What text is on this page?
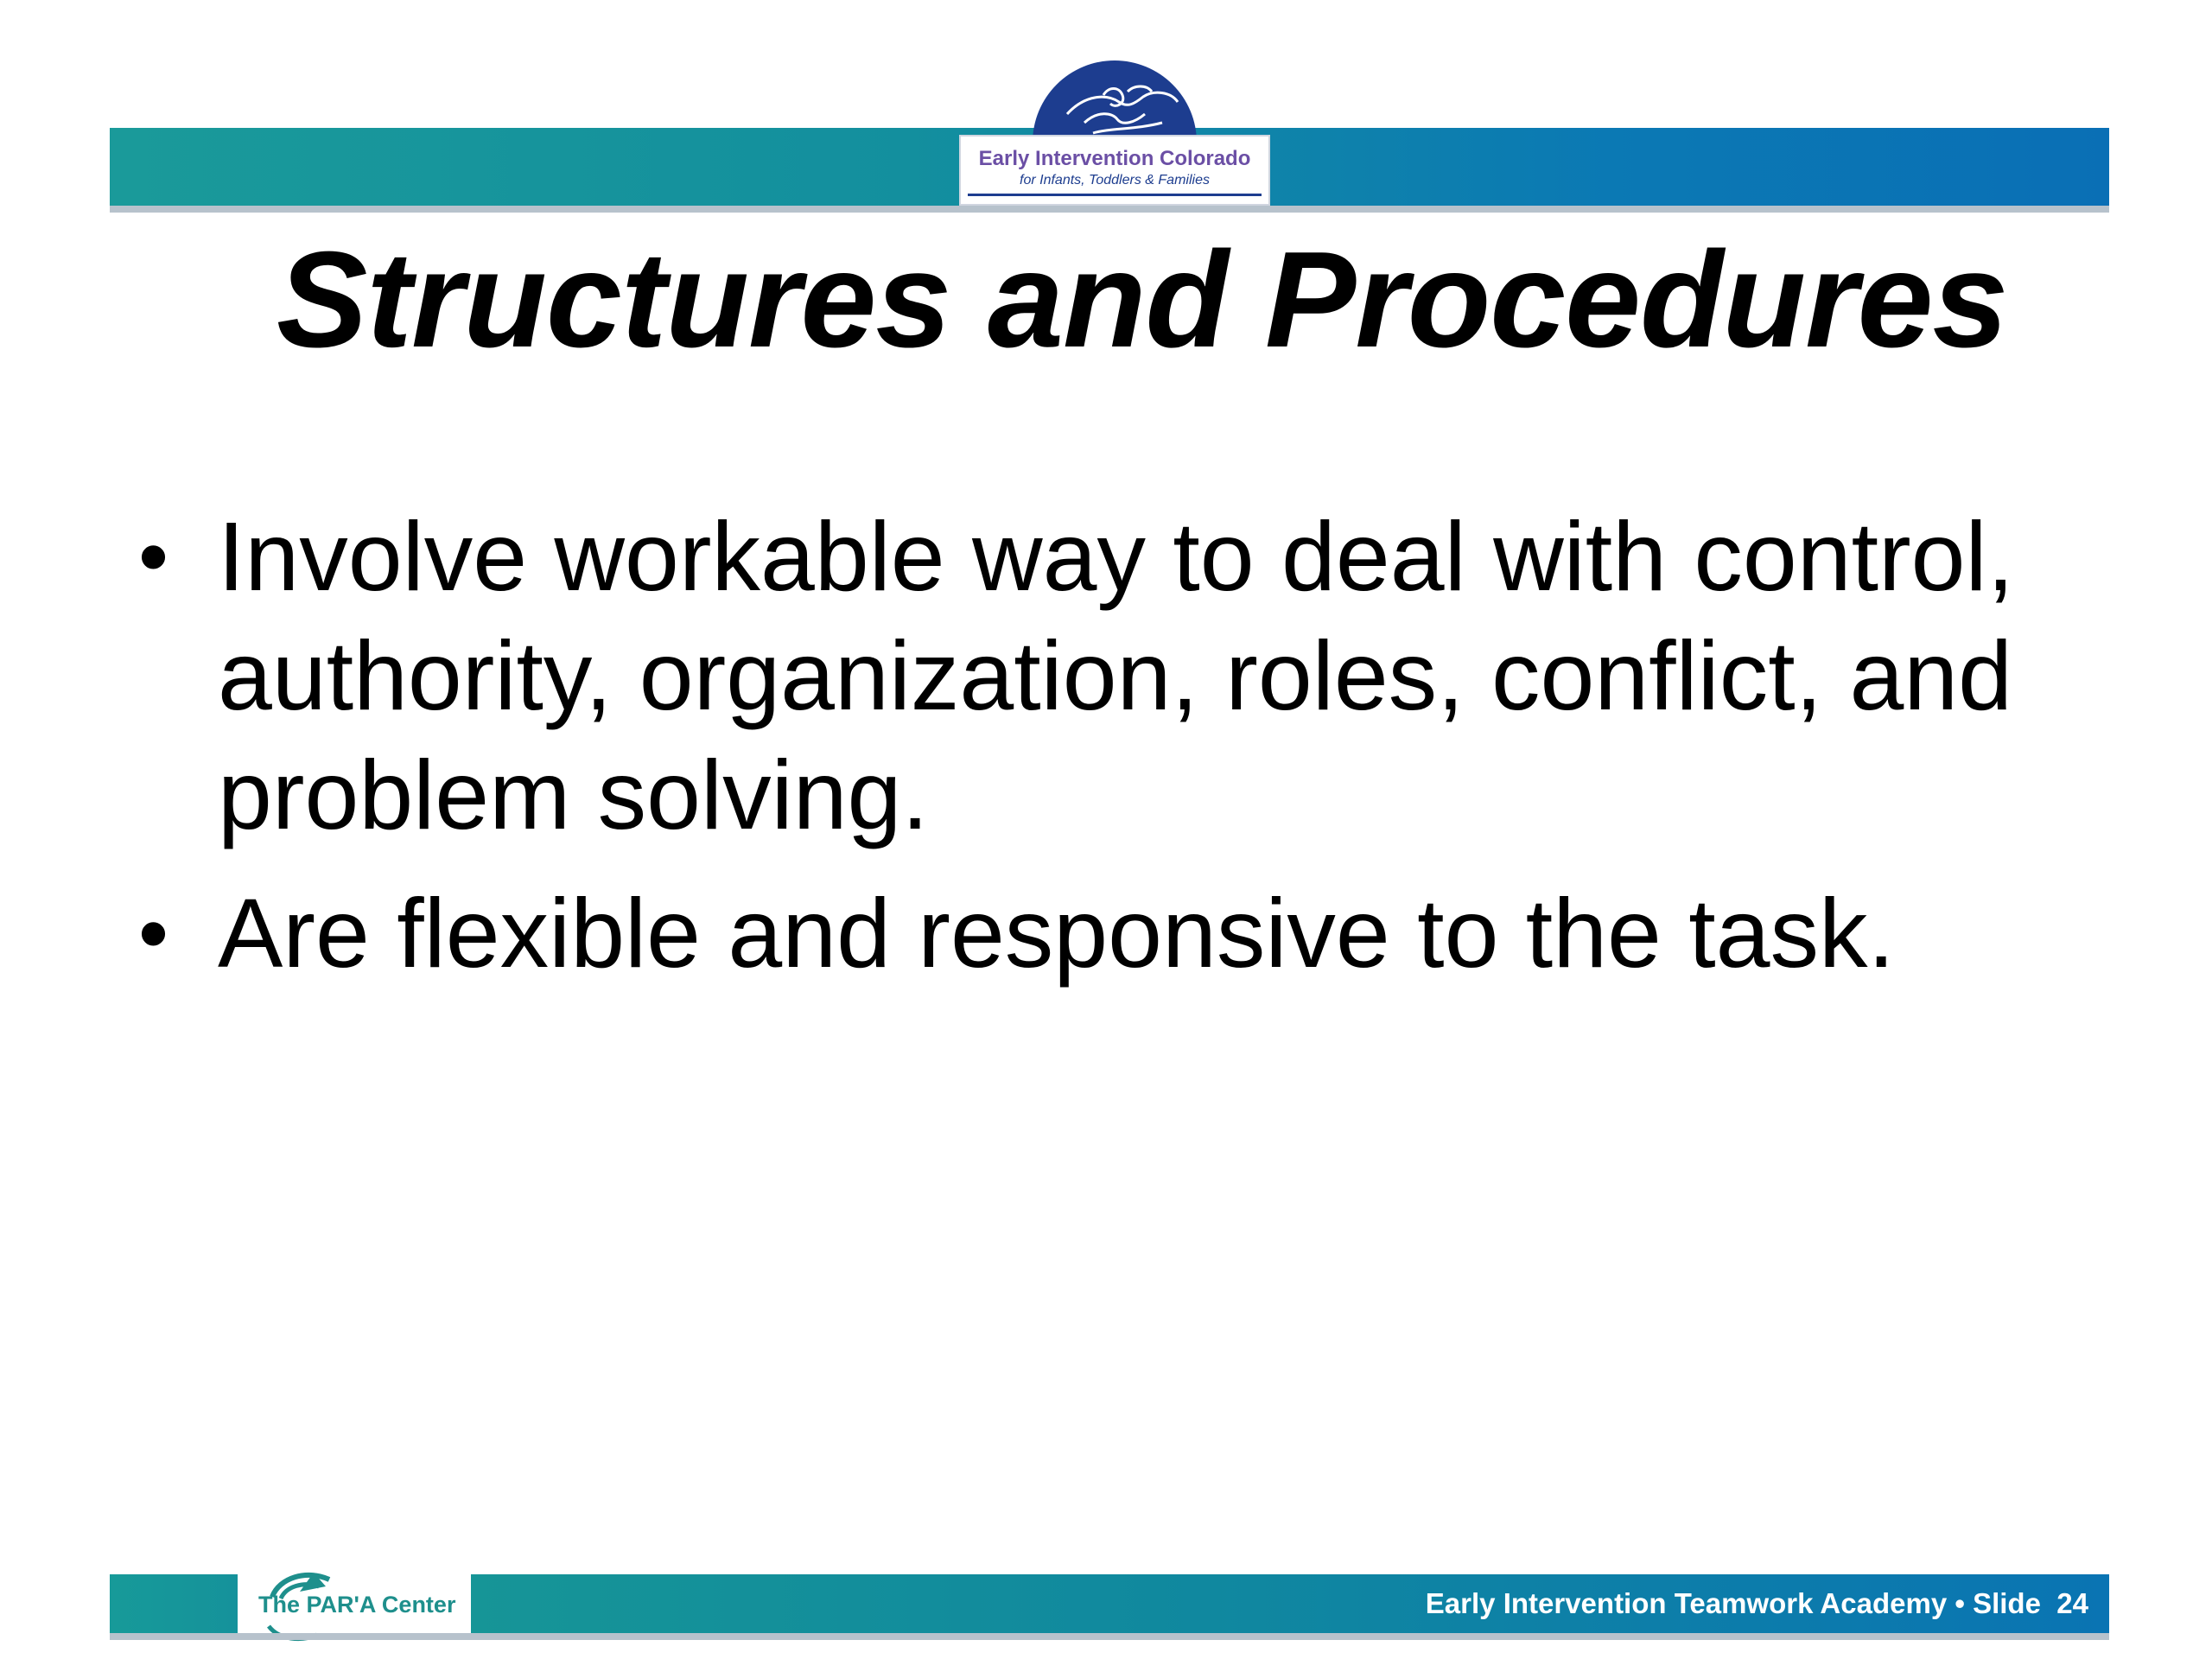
Early Intervention Colorado
for Infants, Toddlers & Families
Structures and Procedures
• Involve workable way to deal with control, authority, organization, roles, conflict, and problem solving.
• Are flexible and responsive to the task.
The PAR'A Center	Early Intervention Teamwork Academy • Slide 24
